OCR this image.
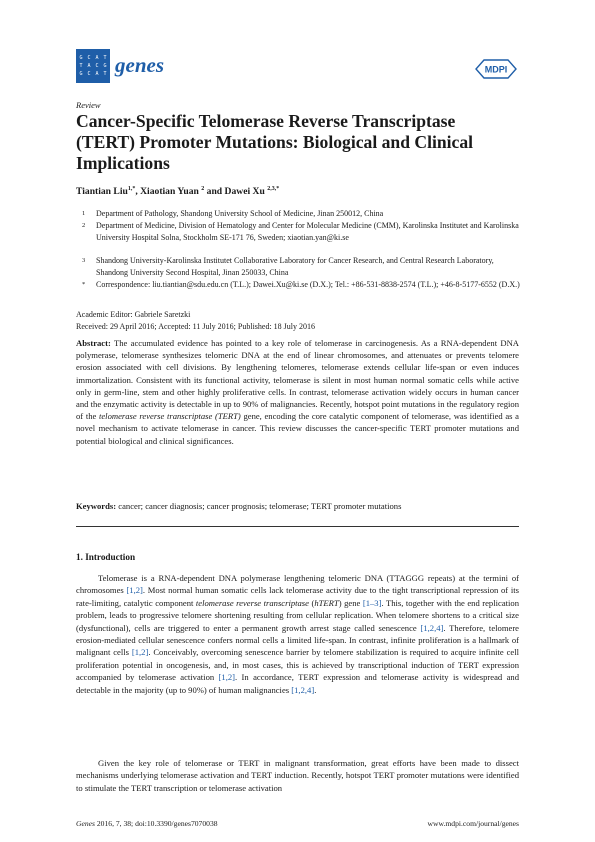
G C A T
T A C G
G C A T genes	MDPI
Review
Cancer-Specific Telomerase Reverse Transcriptase (TERT) Promoter Mutations: Biological and Clinical Implications
Tiantian Liu$^{1,*}$, Xiaotian Yuan $^2$ and Dawei Xu $^{2,3,*}$
1 Department of Pathology, Shandong University School of Medicine, Jinan 250012, China
2 Department of Medicine, Division of Hematology and Center for Molecular Medicine (CMM), Karolinska Institutet and Karolinska University Hospital Solna, Stockholm SE-171 76, Sweden; xiaotian.yan@ki.se
3 Shandong University-Karolinska Institutet Collaborative Laboratory for Cancer Research, and Central Research Laboratory, Shandong University Second Hospital, Jinan 250033, China
* Correspondence: liu.tiantian@sdu.edu.cn (T.L.); Dawei.Xu@ki.se (D.X.); Tel.: +86-531-8838-2574 (T.L.); +46-8-5177-6552 (D.X.)
Academic Editor: Gabriele Saretzki
Received: 29 April 2016; Accepted: 11 July 2016; Published: 18 July 2016
Abstract: The accumulated evidence has pointed to a key role of telomerase in carcinogenesis. As a RNA-dependent DNA polymerase, telomerase synthesizes telomeric DNA at the end of linear chromosomes, and attenuates or prevents telomere erosion associated with cell divisions. By lengthening telomeres, telomerase extends cellular life-span or even induces immortalization. Consistent with its functional activity, telomerase is silent in most human normal somatic cells while active only in germ-line, stem and other highly proliferative cells. In contrast, telomerase activation widely occurs in human cancer and the enzymatic activity is detectable in up to 90% of malignancies. Recently, hotspot point mutations in the regulatory region of the telomerase reverse transcriptase (TERT) gene, encoding the core catalytic component of telomerase, was identified as a novel mechanism to activate telomerase in cancer. This review discusses the cancer-specific TERT promoter mutations and potential biological and clinical significances.
Keywords: cancer; cancer diagnosis; cancer prognosis; telomerase; TERT promoter mutations
1. Introduction
Telomerase is a RNA-dependent DNA polymerase lengthening telomeric DNA (TTAGGG repeats) at the termini of chromosomes [1,2]. Most normal human somatic cells lack telomerase activity due to the tight transcriptional repression of its rate-limiting, catalytic component telomerase reverse transcriptase (hTERT) gene [1–3]. This, together with the end replication problem, leads to progressive telomere shortening resulting from cellular replication. When telomere shortens to a critical size (dysfunctional), cells are triggered to enter a permanent growth arrest stage called senescence [1,2,4]. Therefore, telomere erosion-mediated cellular senescence confers normal cells a limited life-span. In contrast, infinite proliferation is a hallmark of malignant cells [1,2]. Conceivably, overcoming senescence barrier by telomere stabilization is required to acquire infinite cell proliferation potential in oncogenesis, and, in most cases, this is achieved by transcriptional induction of TERT expression accompanied by telomerase activation [1,2]. In accordance, TERT expression and telomerase activity is widespread and detectable in the majority (up to 90%) of human malignancies [1,2,4].
Given the key role of telomerase or TERT in malignant transformation, great efforts have been made to dissect mechanisms underlying telomerase activation and TERT induction. Recently, hotspot TERT promoter mutations were identified to stimulate the TERT transcription or telomerase activation
Genes 2016, 7, 38; doi:10.3390/genes7070038	www.mdpi.com/journal/genes
